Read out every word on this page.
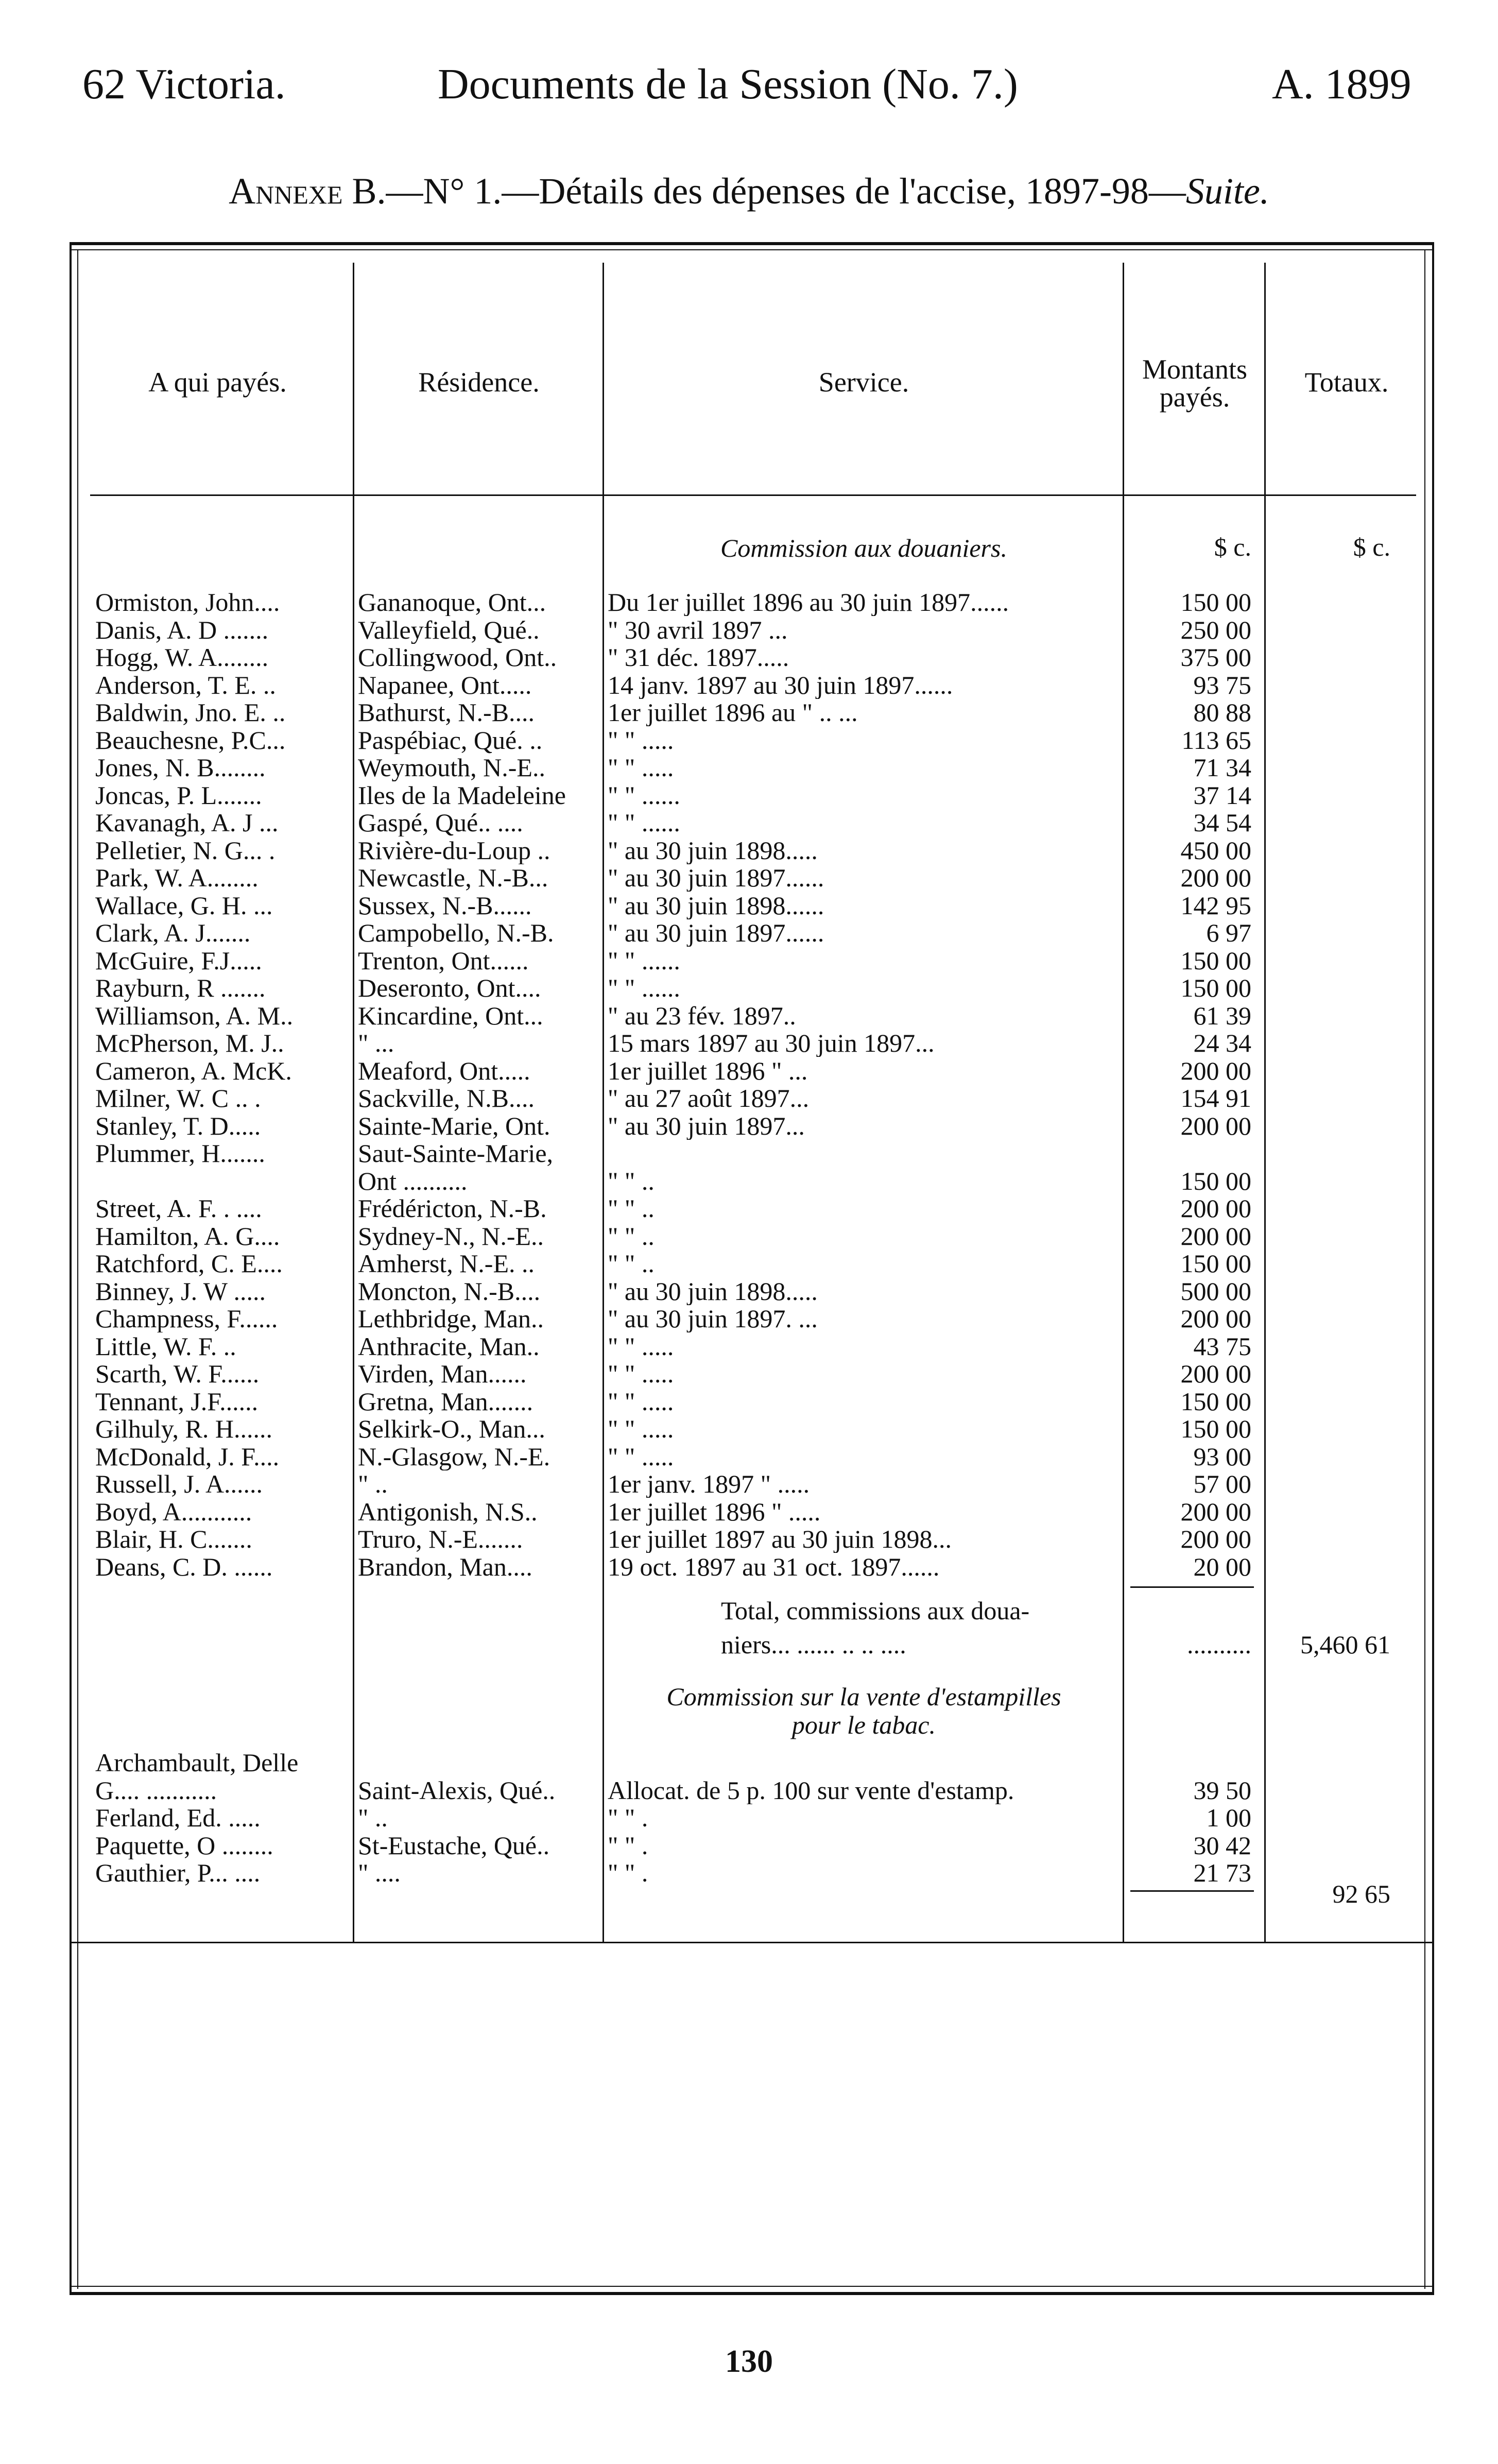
62 Victoria.	Documents de la Session (No. 7.)	A. 1899
Annexe B.—N° 1.—Détails des dépenses de l'accise, 1897-98—Suite.
A qui payés.	Résidence.	Service.	Montants
payés.	Totaux.
Commission aux douaniers.	$ c.	$ c.
Ormiston, John....	Gananoque, Ont...	Du 1er juillet 1896 au 30 juin 1897......	150 00
Danis, A. D .......	Valleyfield, Qué..	" 30 avril 1897 ...	250 00
Hogg, W. A........	Collingwood, Ont..	" 31 déc. 1897.....	375 00
Anderson, T. E. ..	Napanee, Ont.....	14 janv. 1897 au 30 juin 1897......	93 75
Baldwin, Jno. E. ..	Bathurst, N.-B....	1er juillet 1896 au " .. ...	80 88
Beauchesne, P.C...	Paspébiac, Qué. ..	" " .....	113 65
Jones, N. B........	Weymouth, N.-E..	" " .....	71 34
Joncas, P. L.......	Iles de la Madeleine	" " ......	37 14
Kavanagh, A. J ...	Gaspé, Qué.. ....	" " ......	34 54
Pelletier, N. G... .	Rivière-du-Loup ..	" au 30 juin 1898.....	450 00
Park, W. A........	Newcastle, N.-B...	" au 30 juin 1897......	200 00
Wallace, G. H. ...	Sussex, N.-B......	" au 30 juin 1898......	142 95
Clark, A. J.......	Campobello, N.-B.	" au 30 juin 1897......	6 97
McGuire, F.J.....	Trenton, Ont......	" " ......	150 00
Rayburn, R .......	Deseronto, Ont....	" " ......	150 00
Williamson, A. M..	Kincardine, Ont...	" au 23 fév. 1897..	61 39
McPherson, M. J..	" ...	15 mars 1897 au 30 juin 1897...	24 34
Cameron, A. McK.	Meaford, Ont.....	1er juillet 1896 " ...	200 00
Milner, W. C .. .	Sackville, N.B....	" au 27 août 1897...	154 91
Stanley, T. D.....	Sainte-Marie, Ont.	" au 30 juin 1897...	200 00
Plummer, H.......	Saut-Sainte-Marie,
Ont ..........	" " ..	150 00
Street, A. F. . ....	Frédéricton, N.-B.	" " ..	200 00
Hamilton, A. G....	Sydney-N., N.-E..	" " ..	200 00
Ratchford, C. E....	Amherst, N.-E. ..	" " ..	150 00
Binney, J. W .....	Moncton, N.-B....	" au 30 juin 1898.....	500 00
Champness, F......	Lethbridge, Man..	" au 30 juin 1897. ...	200 00
Little, W. F. ..	Anthracite, Man..	" " .....	43 75
Scarth, W. F......	Virden, Man......	" " .....	200 00
Tennant, J.F......	Gretna, Man.......	" " .....	150 00
Gilhuly, R. H......	Selkirk-O., Man...	" " .....	150 00
McDonald, J. F....	N.-Glasgow, N.-E.	" " .....	93 00
Russell, J. A......	" ..	1er janv. 1897 " .....	57 00
Boyd, A...........	Antigonish, N.S..	1er juillet 1896 " .....	200 00
Blair, H. C.......	Truro, N.-E.......	1er juillet 1897 au 30 juin 1898...	200 00
Deans, C. D. ......	Brandon, Man....	19 oct. 1897 au 31 oct. 1897......	20 00
Total, commissions aux doua-
niers... ...... .. .. ....	..........	5,460 61
Commission sur la vente d'estampilles
pour le tabac.
Archambault, Delle
G.... ...........	Saint-Alexis, Qué..	Allocat. de 5 p. 100 sur vente d'estamp.	39 50
Ferland, Ed. .....	" ..	" " .	1 00
Paquette, O ........	St-Eustache, Qué..	" " .	30 42
Gauthier, P... ....	" ....	" " .	21 73
92 65
130
